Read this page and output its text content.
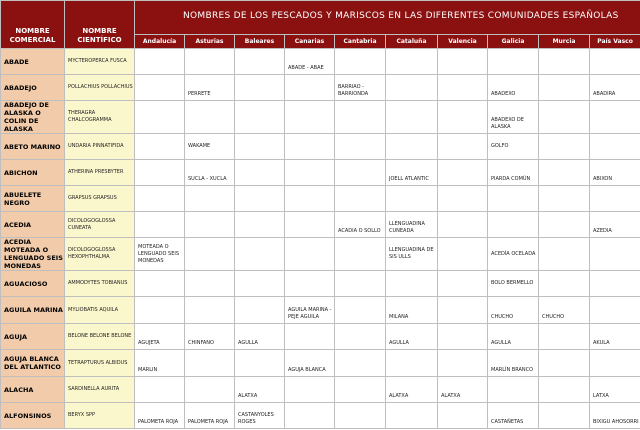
NOMBRE COMERCIAL	NOMBRE CIENTÍFICO	NOMBRES DE LOS PESCADOS Y MARISCOS EN LAS DIFERENTES COMUNIDADES ESPAÑOLAS									
		Andalucía	Asturias	Baleares	Canarias	Cantabria	Cataluña	Valencia	Galicia	Murcia	País Vasco
ABADE	MYCTEROPERCA FUSCA				ABADE - ABAE						
ABADEJO	POLLACHIUS POLLACHIUS		PERRETE			BARRIAO - BARRIONDA			ABADEXO		ABADIRA
ABADEJO DE ALASKA O COLIN DE ALASKA	THERAGRA CHALCOGRAMMA								ABADEXO DE ALASKA		
ABETO MARINO	UNDARIA PINNATIFIDA		WAKAME						GOLFO		
ABICHON	ATHERINA PRESBYTER		SUCLA - XUCLA				JOELL ATLANTIC		PIARDA COMÚN		ABIXON
ABUELETE NEGRO	GRAPSUS GRAPSUS										
ACEDIA	DICOLOGOGLOSSA CUNEATA					ACADIA O SOLLO	LLENGUADINA CUNEADA				AZEDIA
ACEDIA MOTEADA O LENGUADO SEIS MONEDAS	DICOLOGOGLOSSA HEXOPHTHALMA	MOTEADA O LENGUADO SEIS MONEDAS					LLENGUADINA DE SIS ULLS		ACEDÍA OCELADA		
AGUACIOSO	AMMODYTES TOBIANUS								BOLO BERMELLO		
AGUILA MARINA	MYLIOBATIS AQUILA				AGUILA MARINA - PEJE AGUILA		MILANA		CHUCHO	CHUCHO	
AGUJA	BELONE BELONE BELONE	AGUJETA	CHINFANO	AGULLA			AGULLA		AGULLA		AKULA
AGUJA BLANCA DEL ATLANTICO	TETRAPTURUS ALBIDUS	MARLIN			AGUJA BLANCA				MARLÍN BRANCO		
ALACHA	SARDINELLA AURITA			ALATXA			ALATXA	ALATXA			LATXA
ALFONSINOS	BERYX SPP	PALOMETA ROJA	PALOMETA ROJA	CASTANYOLES ROGES					CASTAÑETAS		BIXIGU AHOSORRI
